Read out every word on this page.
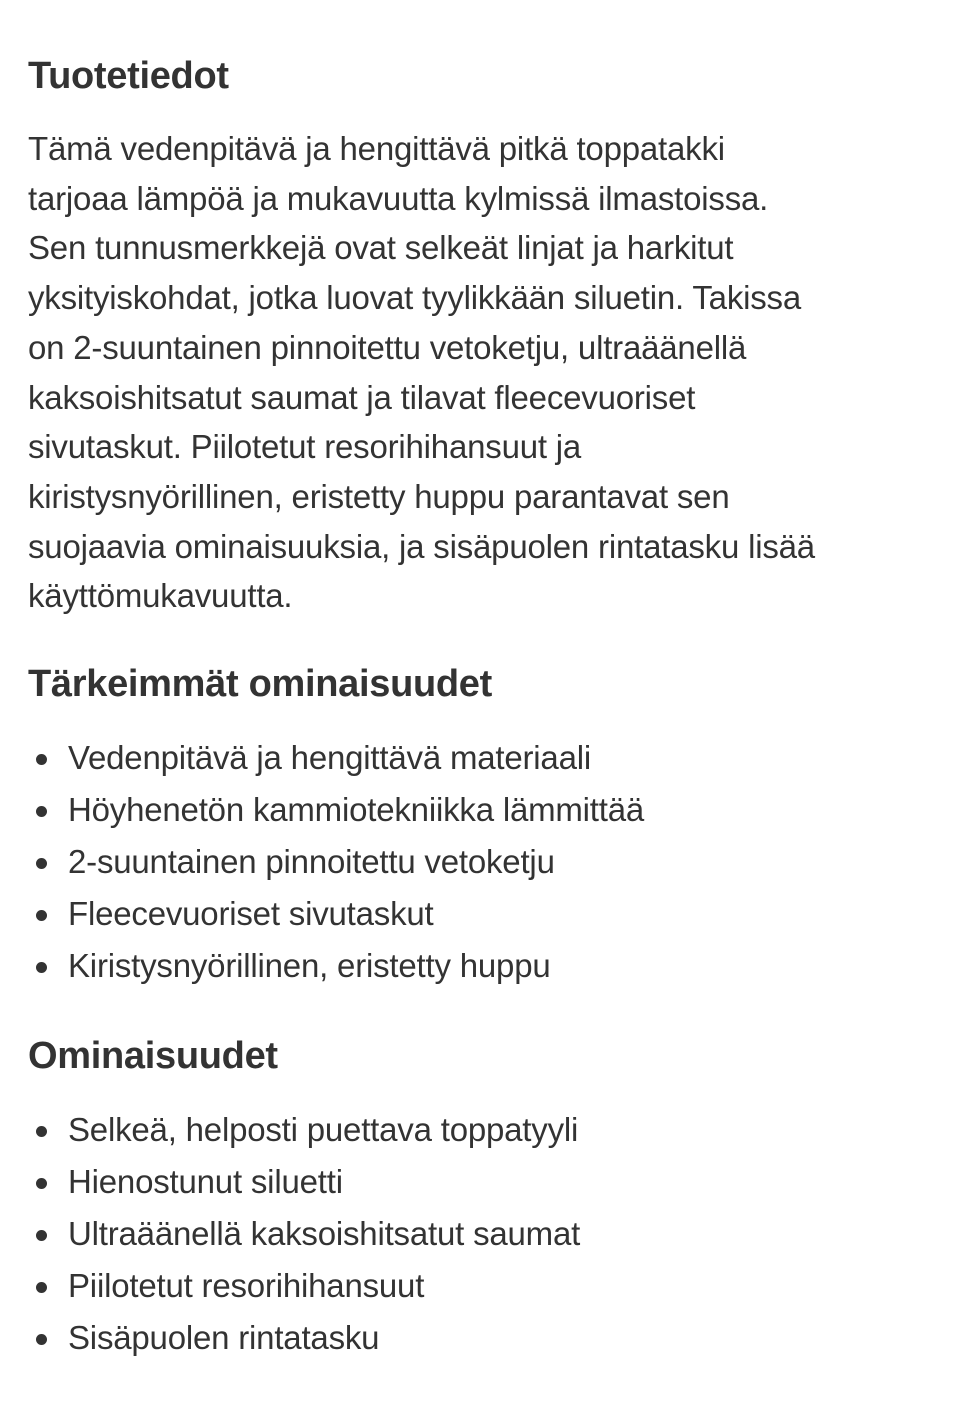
Tuotetiedot
Tämä vedenpitävä ja hengittävä pitkä toppatakki
tarjoaa lämpöä ja mukavuutta kylmissä ilmastoissa.
Sen tunnusmerkkejä ovat selkeät linjat ja harkitut
yksityiskohdat, jotka luovat tyylikkään siluetin. Takissa
on 2-suuntainen pinnoitettu vetoketju, ultraäänellä
kaksoishitsatut saumat ja tilavat fleecevuoriset
sivutaskut. Piilotetut resorihihansuut ja
kiristysnyörillinen, eristetty huppu parantavat sen
suojaavia ominaisuuksia, ja sisäpuolen rintatasku lisää
käyttömukavuutta.
Tärkeimmät ominaisuudet
Vedenpitävä ja hengittävä materiaali
Höyhenetön kammiotekniikka lämmittää
2-suuntainen pinnoitettu vetoketju
Fleecevuoriset sivutaskut
Kiristysnyörillinen, eristetty huppu
Ominaisuudet
Selkeä, helposti puettava toppatyyli
Hienostunut siluetti
Ultraäänellä kaksoishitsatut saumat
Piilotetut resorihihansuut
Sisäpuolen rintatasku
